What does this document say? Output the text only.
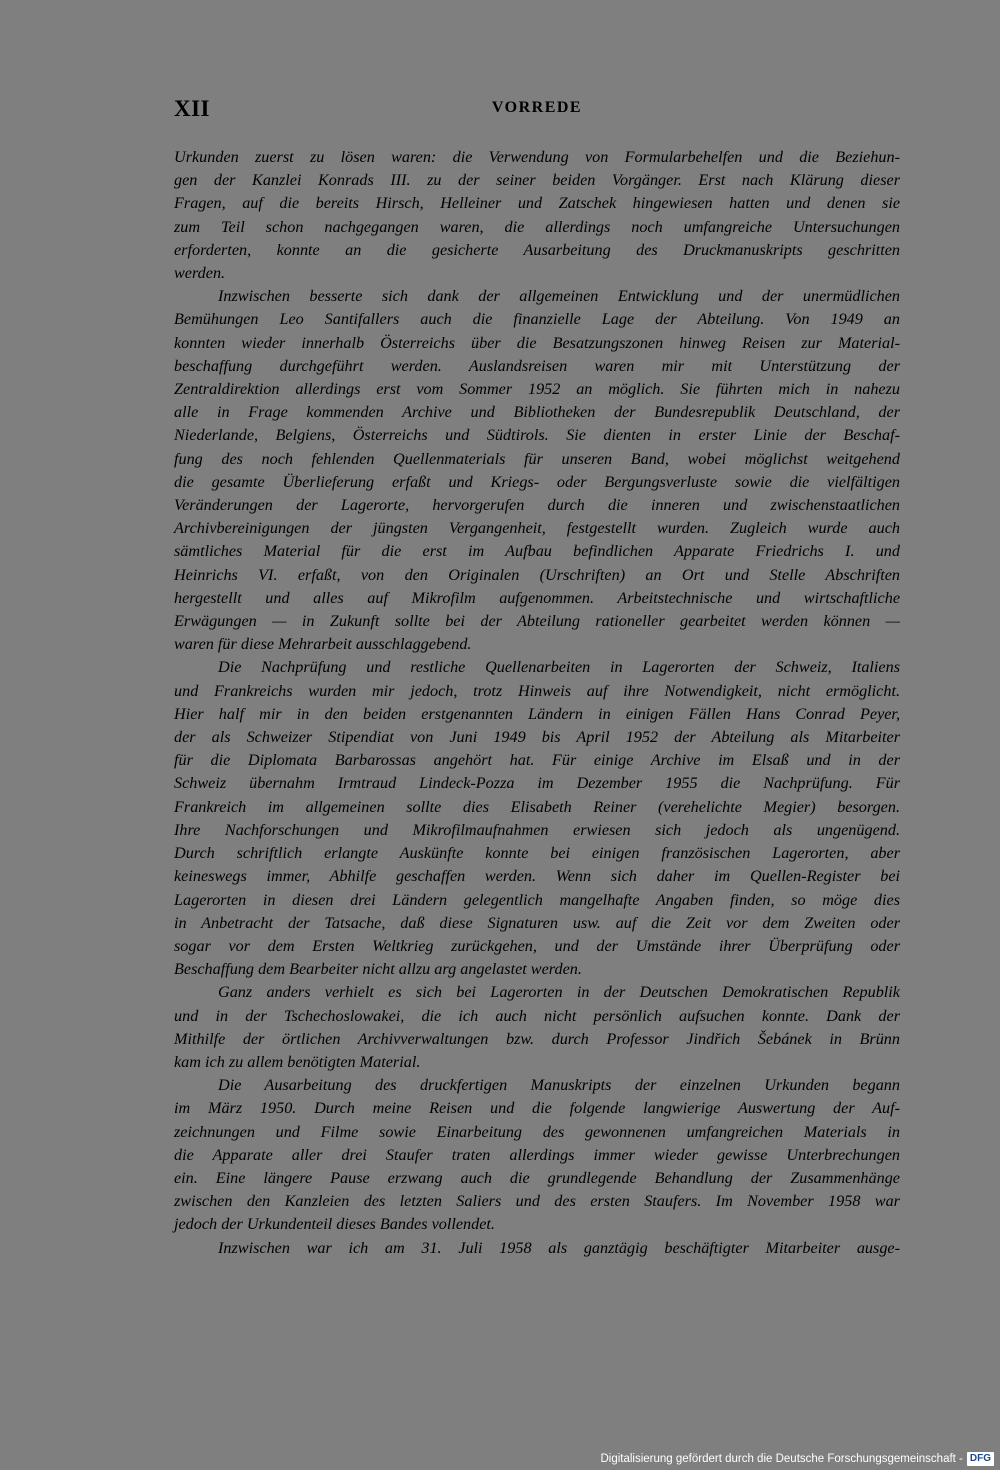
XII	VORREDE
Urkunden zuerst zu lösen waren: die Verwendung von Formularbehelfen und die Beziehun-
gen der Kanzlei Konrads III. zu der seiner beiden Vorgänger. Erst nach Klärung dieser
Fragen, auf die bereits Hirsch, Helleiner und Zatschek hingewiesen hatten und denen sie
zum Teil schon nachgegangen waren, die allerdings noch umfangreiche Untersuchungen
erforderten, konnte an die gesicherte Ausarbeitung des Druckmanuskripts geschritten
werden.
Inzwischen besserte sich dank der allgemeinen Entwicklung und der unermüdlichen
Bemühungen Leo Santifallers auch die finanzielle Lage der Abteilung. Von 1949 an
konnten wieder innerhalb Österreichs über die Besatzungszonen hinweg Reisen zur Material-
beschaffung durchgeführt werden. Auslandsreisen waren mir mit Unterstützung der
Zentraldirektion allerdings erst vom Sommer 1952 an möglich. Sie führten mich in nahezu
alle in Frage kommenden Archive und Bibliotheken der Bundesrepublik Deutschland, der
Niederlande, Belgiens, Österreichs und Südtirols. Sie dienten in erster Linie der Beschaf-
fung des noch fehlenden Quellenmaterials für unseren Band, wobei möglichst weitgehend
die gesamte Überlieferung erfaßt und Kriegs- oder Bergungsverluste sowie die vielfältigen
Veränderungen der Lagerorte, hervorgerufen durch die inneren und zwischenstaatlichen
Archivbereinigungen der jüngsten Vergangenheit, festgestellt wurden. Zugleich wurde auch
sämtliches Material für die erst im Aufbau befindlichen Apparate Friedrichs I. und
Heinrichs VI. erfaßt, von den Originalen (Urschriften) an Ort und Stelle Abschriften
hergestellt und alles auf Mikrofilm aufgenommen. Arbeitstechnische und wirtschaftliche
Erwägungen — in Zukunft sollte bei der Abteilung rationeller gearbeitet werden können —
waren für diese Mehrarbeit ausschlaggebend.
Die Nachprüfung und restliche Quellenarbeiten in Lagerorten der Schweiz, Italiens
und Frankreichs wurden mir jedoch, trotz Hinweis auf ihre Notwendigkeit, nicht ermöglicht.
Hier half mir in den beiden erstgenannten Ländern in einigen Fällen Hans Conrad Peyer,
der als Schweizer Stipendiat von Juni 1949 bis April 1952 der Abteilung als Mitarbeiter
für die Diplomata Barbarossas angehört hat. Für einige Archive im Elsaß und in der
Schweiz übernahm Irmtraud Lindeck-Pozza im Dezember 1955 die Nachprüfung. Für
Frankreich im allgemeinen sollte dies Elisabeth Reiner (verehelichte Megier) besorgen.
Ihre Nachforschungen und Mikrofilmaufnahmen erwiesen sich jedoch als ungenügend.
Durch schriftlich erlangte Auskünfte konnte bei einigen französischen Lagerorten, aber
keineswegs immer, Abhilfe geschaffen werden. Wenn sich daher im Quellen-Register bei
Lagerorten in diesen drei Ländern gelegentlich mangelhafte Angaben finden, so möge dies
in Anbetracht der Tatsache, daß diese Signaturen usw. auf die Zeit vor dem Zweiten oder
sogar vor dem Ersten Weltkrieg zurückgehen, und der Umstände ihrer Überprüfung oder
Beschaffung dem Bearbeiter nicht allzu arg angelastet werden.
Ganz anders verhielt es sich bei Lagerorten in der Deutschen Demokratischen Republik
und in der Tschechoslowakei, die ich auch nicht persönlich aufsuchen konnte. Dank der
Mithilfe der örtlichen Archivverwaltungen bzw. durch Professor Jindřich Šebánek in Brünn
kam ich zu allem benötigten Material.
Die Ausarbeitung des druckfertigen Manuskripts der einzelnen Urkunden begann
im März 1950. Durch meine Reisen und die folgende langwierige Auswertung der Auf-
zeichnungen und Filme sowie Einarbeitung des gewonnenen umfangreichen Materials in
die Apparate aller drei Staufer traten allerdings immer wieder gewisse Unterbrechungen
ein. Eine längere Pause erzwang auch die grundlegende Behandlung der Zusammenhänge
zwischen den Kanzleien des letzten Saliers und des ersten Staufers. Im November 1958 war
jedoch der Urkundenteil dieses Bandes vollendet.
Inzwischen war ich am 31. Juli 1958 als ganztägig beschäftigter Mitarbeiter ausge-
Digitalisierung gefördert durch die Deutsche Forschungsgemeinschaft - DFG
